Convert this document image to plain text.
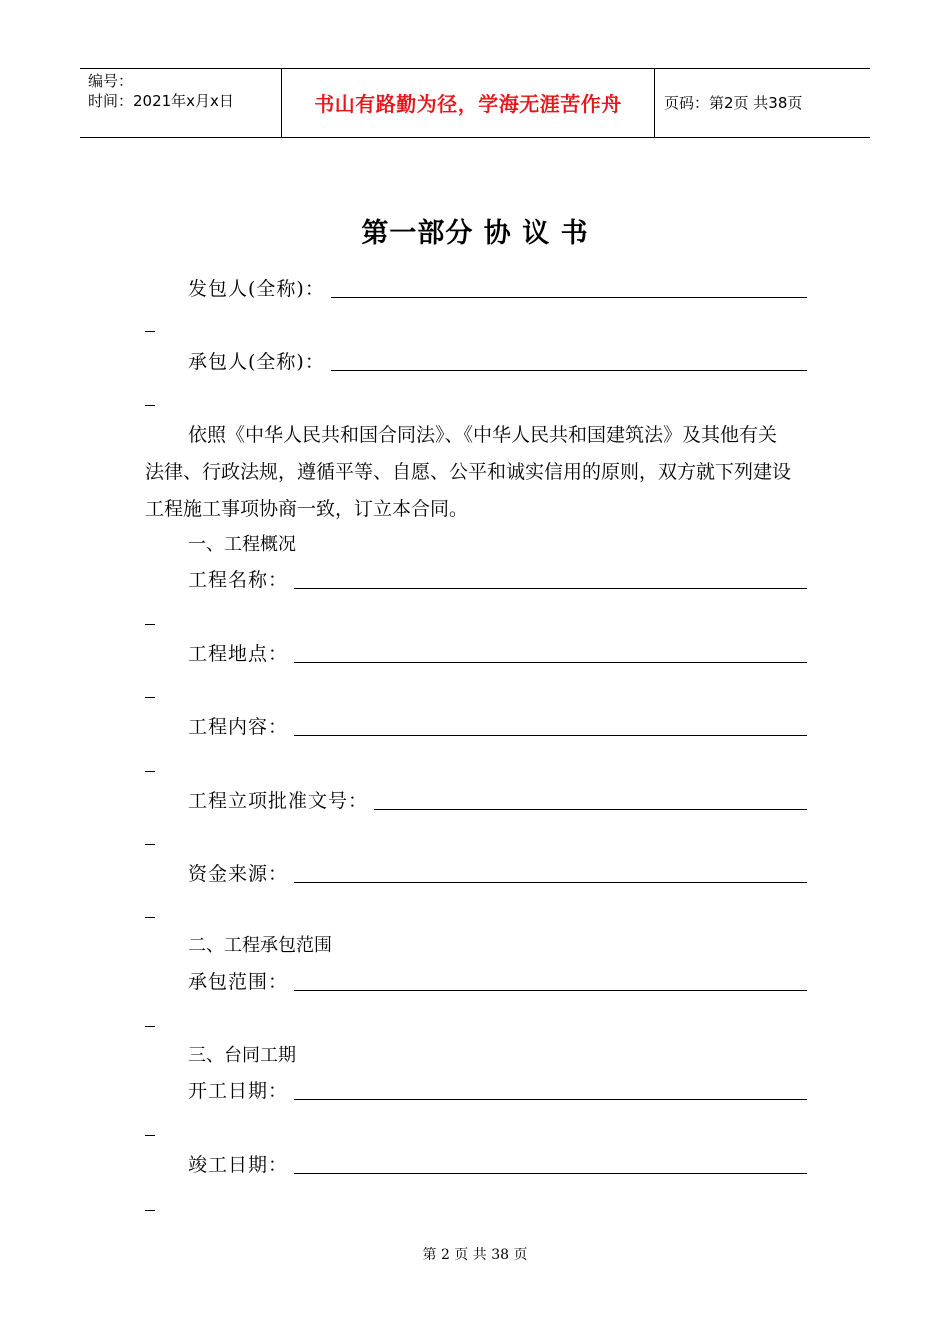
编号：
时间：2021年x月x日	书山有路勤为径，学海无涯苦作舟	页码：第2页 共38页
第一部分 协 议 书
发包人(全称)：
承包人(全称)：
依照《中华人民共和国合同法》、《中华人民共和国建筑法》及其他有关
法律、行政法规，遵循平等、自愿、公平和诚实信用的原则，双方就下列建设
工程施工事项协商一致，订立本合同。
一、工程概况
工程名称：
工程地点：
工程内容：
工程立项批准文号：
资金来源：
二、工程承包范围
承包范围：
三、台同工期
开工日期：
竣工日期：
第 2 页 共 38 页
